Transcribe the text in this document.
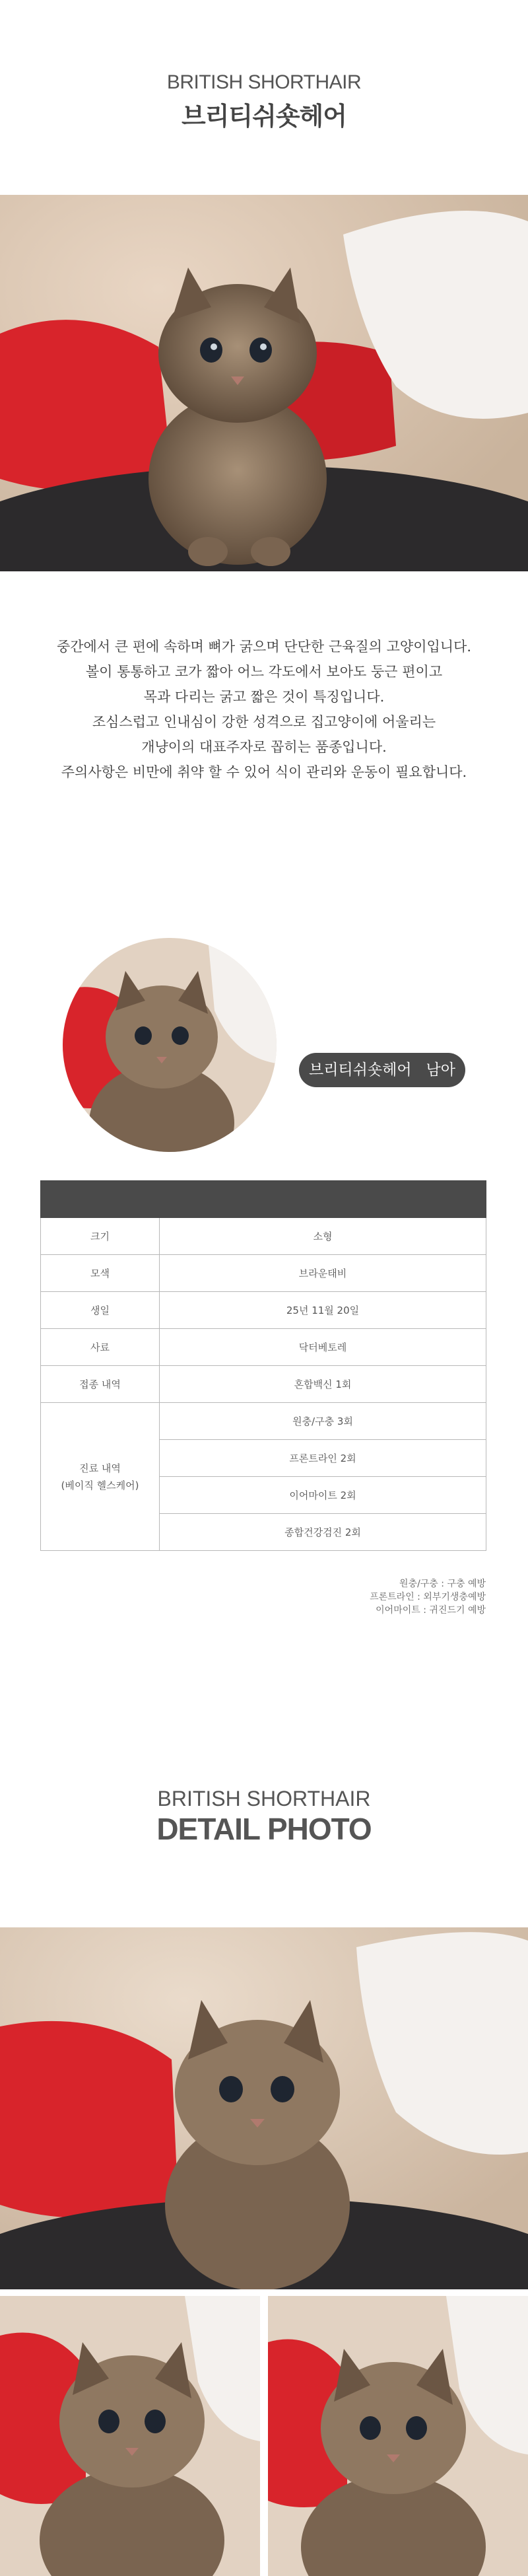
BRITISH SHORTHAIR
브리티쉬숏헤어

중간에서 큰 편에 속하며 뼈가 굵으며 단단한 근육질의 고양이입니다.

볼이 통통하고 코가 짧아 어느 각도에서 보아도 둥근 편이고

목과 다리는 굵고 짧은 것이 특징입니다.

조심스럽고 인내심이 강한 성격으로 집고양이에 어울리는

개냥이의 대표주자로 꼽히는 품종입니다.

주의사항은 비만에 취약 할 수 있어 식이 관리와 운동이 필요합니다.

브리티쉬숏헤어 남아

크기	소형
모색	브라운태비
생일	25년 11월 20일
사료	닥터베토레
접종 내역	혼합백신 1회

진료 내역
(베이직 헬스케어)	원충/구충 3회
	프론트라인 2회
	이어마이트 2회
	종합건강검진 2회
원충/구충 : 구충 예방
프론트라인 : 외부기생충예방
이어마이트 : 귀진드기 예방
BRITISH SHORTHAIR
DETAIL PHOTO
